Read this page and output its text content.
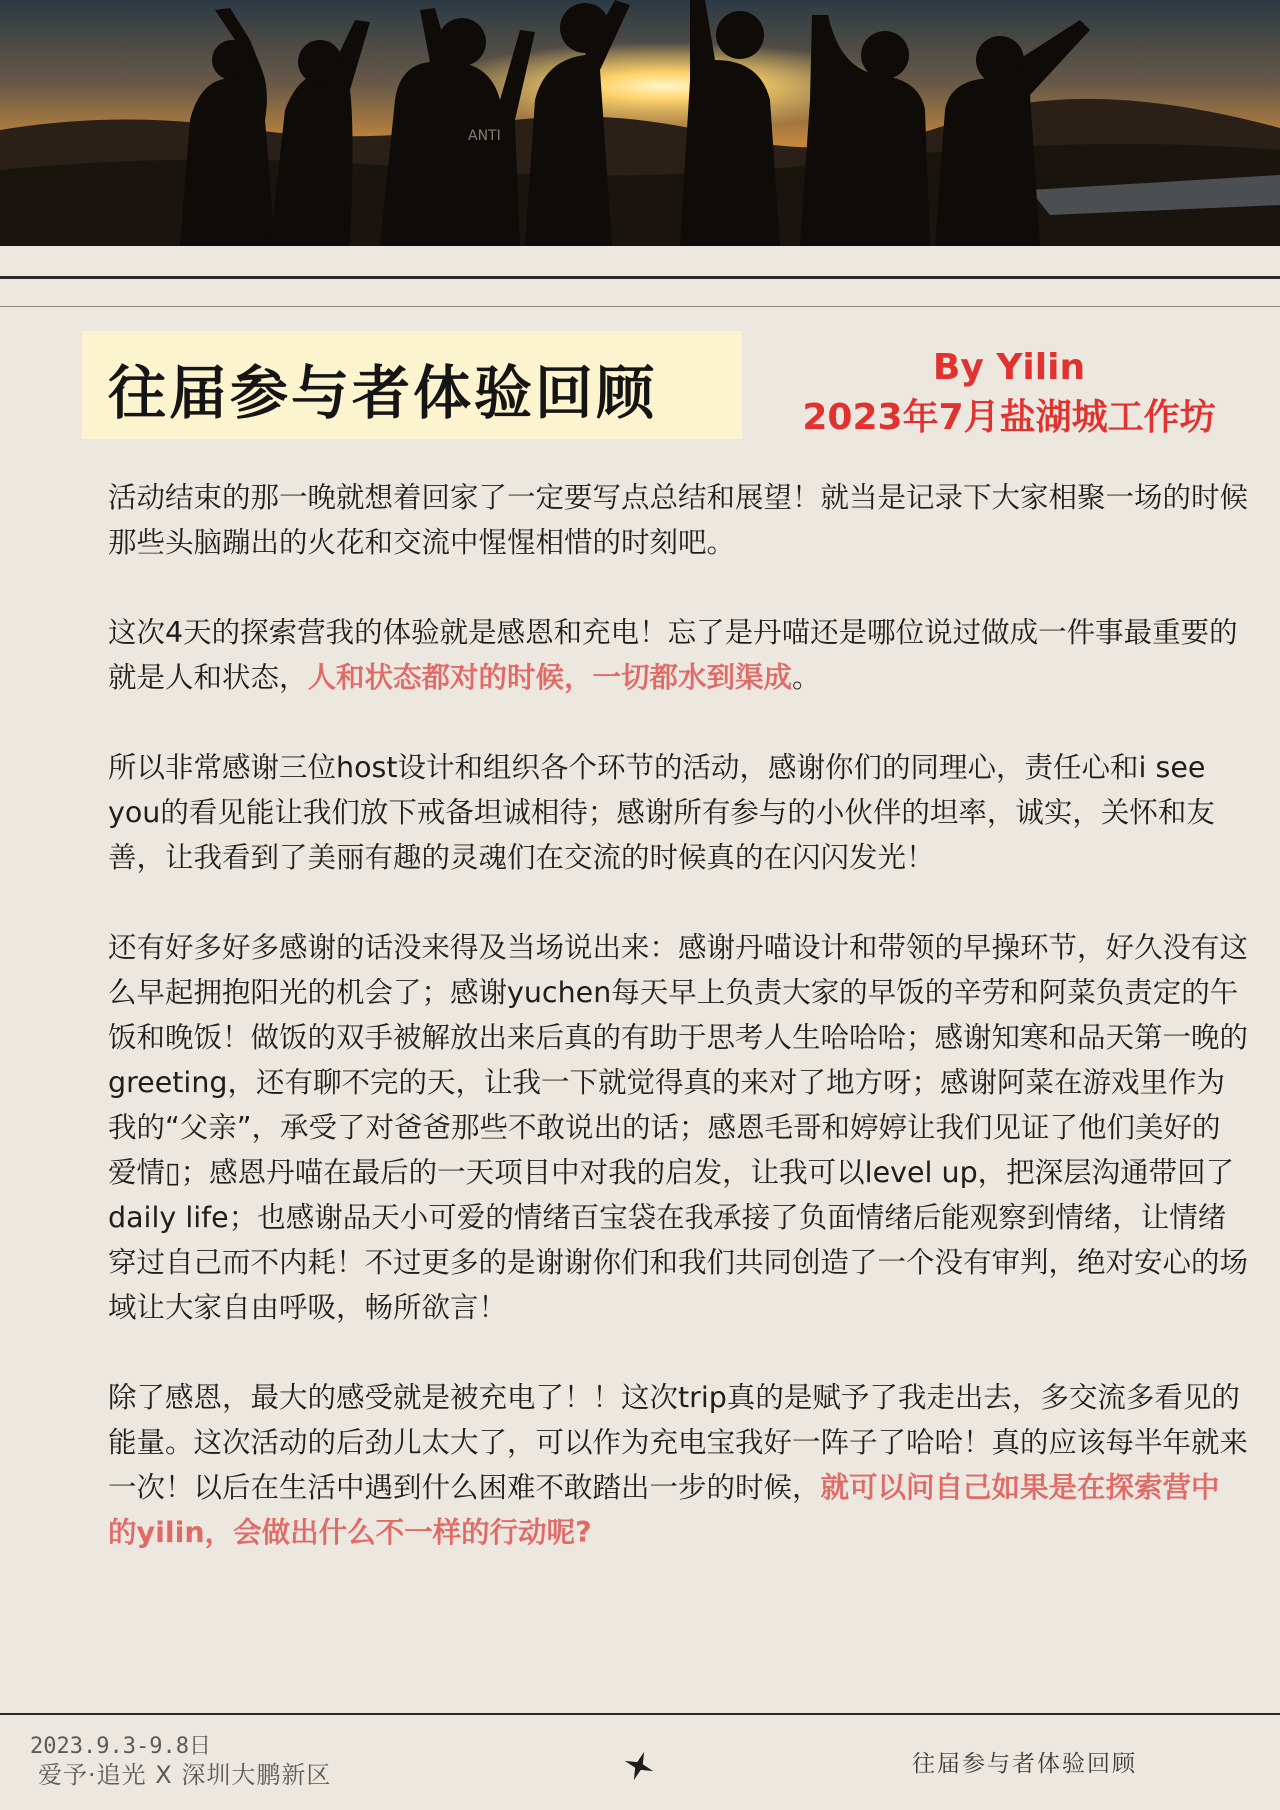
ANTI
往届参与者体验回顾	By Yilin
2023年7月盐湖城工作坊

活动结束的那一晚就想着回家了一定要写点总结和展望！就当是记录下大家相聚一场的时候那些头脑蹦出的火花和交流中惺惺相惜的时刻吧。

这次4天的探索营我的体验就是感恩和充电！忘了是丹喵还是哪位说过做成一件事最重要的就是人和状态，人和状态都对的时候，一切都水到渠成。

所以非常感谢三位host设计和组织各个环节的活动，感谢你们的同理心，责任心和i see you的看见能让我们放下戒备坦诚相待；感谢所有参与的小伙伴的坦率，诚实，关怀和友善，让我看到了美丽有趣的灵魂们在交流的时候真的在闪闪发光！

还有好多好多感谢的话没来得及当场说出来：感谢丹喵设计和带领的早操环节，好久没有这么早起拥抱阳光的机会了；感谢yuchen每天早上负责大家的早饭的辛劳和阿菜负责定的午饭和晚饭！做饭的双手被解放出来后真的有助于思考人生哈哈哈；感谢知寒和品天第一晚的greeting，还有聊不完的天，让我一下就觉得真的来对了地方呀；感谢阿菜在游戏里作为我的“父亲”，承受了对爸爸那些不敢说出的话；感恩毛哥和婷婷让我们见证了他们美好的爱情▯；感恩丹喵在最后的一天项目中对我的启发，让我可以level up，把深层沟通带回了daily life；也感谢品天小可爱的情绪百宝袋在我承接了负面情绪后能观察到情绪，让情绪穿过自己而不内耗！不过更多的是谢谢你们和我们共同创造了一个没有审判，绝对安心的场域让大家自由呼吸，畅所欲言！

除了感恩，最大的感受就是被充电了！！这次trip真的是赋予了我走出去，多交流多看见的能量。这次活动的后劲儿太大了，可以作为充电宝我好一阵子了哈哈！真的应该每半年就来一次！以后在生活中遇到什么困难不敢踏出一步的时候，就可以问自己如果是在探索营中的yilin，会做出什么不一样的行动呢?

2023.9.3-9.8日
爱予·追光 X 深圳大鹏新区	往届参与者体验回顾
